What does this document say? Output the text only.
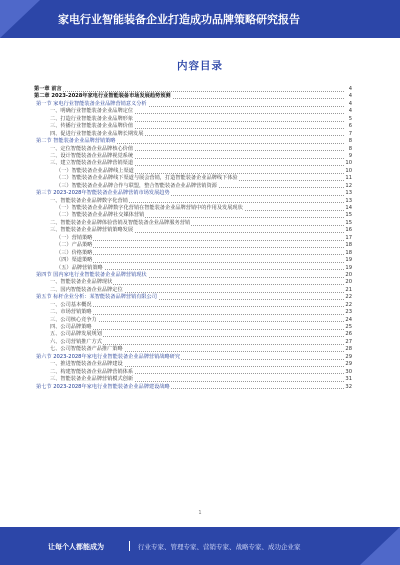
家电行业智能装备企业打造成功品牌策略研究报告
内容目录
第一章 前言	4
第二章 2023-2028年家电行业智能装备市场发展趋势预测	4
第一节 家电行业智能装备企业品牌营销意义分析	4
一、明确行业智能装备企业品牌定位	4
二、打造行业智能装备企业品牌形象	5
三、传播行业智能装备企业品牌价值	6
四、促进行业智能装备企业品牌长期发展	7
第二节 智能装备企业品牌营销策略	8
一、定位智能装备企业品牌核心价值	8
二、设计智能装备企业品牌视觉系统	9
三、建立智能装备企业品牌营销渠道	10
（一）智能装备企业品牌线上渠道	10
（二）智能装备企业品牌线下渠道与展会营销，打造智能装备企业品牌线下体验	11
（三）智能装备企业品牌合作与联盟，整合智能装备企业品牌营销资源	12
第三节 2023-2028年智能装备企业品牌营销市场发展趋势	13
一、智能装备企业品牌数字化营销	13
（一）智能装备企业品牌数字化营销在智能装备企业品牌营销中的作用及发展现状	14
（二）智能装备企业品牌社交媒体营销	15
二、智能装备企业品牌体验营销及智能装备企业品牌服务营销	15
三、智能装备企业品牌营销策略发展	16
（一）营销策略	17
（二）产品策略	18
（三）价格策略	18
（四）渠道策略	19
（五）品牌营销策略	19
第四节 国内家电行业智能装备企业品牌营销现状	20
一、智能装备企业品牌现状	20
二、国内智能装备企业品牌定位	21
第五节 标杆企业分析：某智能装备品牌营销有限公司	22
一、公司基本概况	22
二、市场营销策略	23
三、公司核心竞争力	24
四、公司品牌策略	25
五、公司品牌发展规划	26
六、公司营销推广方式	27
七、公司智能装备产品推广策略	28
第六节 2023-2028年家电行业智能装备企业品牌营销战略研究	29
一、推进智能装备企业品牌建设	29
二、构建智能装备企业品牌营销体系	30
三、智能装备企业品牌营销模式创新	31
第七节 2023-2028年家电行业智能装备企业品牌建设战略	32
1
让每个人都能成为	行业专家、管理专家、营销专家、战略专家、成功企业家
